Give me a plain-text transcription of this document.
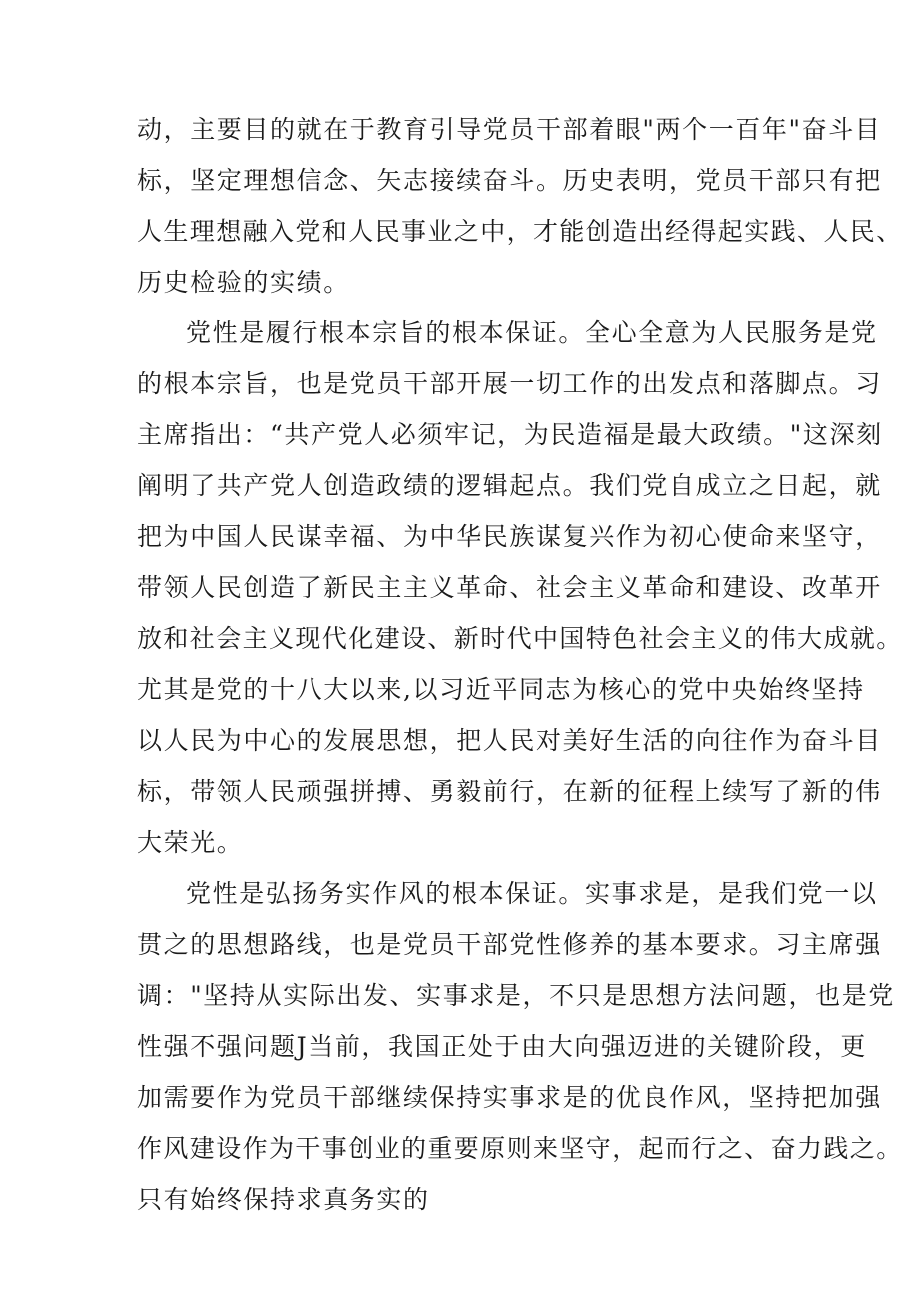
动，主要目的就在于教育引导党员干部着眼"两个一百年"奋斗目
标，坚定理想信念、矢志接续奋斗。历史表明，党员干部只有把
人生理想融入党和人民事业之中，才能创造出经得起实践、人民、
历史检验的实绩。
党性是履行根本宗旨的根本保证。全心全意为人民服务是党
的根本宗旨，也是党员干部开展一切工作的出发点和落脚点。习
主席指出：“共产党人必须牢记，为民造福是最大政绩。"这深刻
阐明了共产党人创造政绩的逻辑起点。我们党自成立之日起，就
把为中国人民谋幸福、为中华民族谋复兴作为初心使命来坚守，
带领人民创造了新民主主义革命、社会主义革命和建设、改革开
放和社会主义现代化建设、新时代中国特色社会主义的伟大成就。
尤其是党的十八大以来,以习近平同志为核心的党中央始终坚持
以人民为中心的发展思想，把人民对美好生活的向往作为奋斗目
标，带领人民顽强拼搏、勇毅前行，在新的征程上续写了新的伟
大荣光。
党性是弘扬务实作风的根本保证。实事求是，是我们党一以
贯之的思想路线，也是党员干部党性修养的基本要求。习主席强
调："坚持从实际出发、实事求是，不只是思想方法问题，也是党
性强不强问题J当前，我国正处于由大向强迈进的关键阶段，更
加需要作为党员干部继续保持实事求是的优良作风，坚持把加强
作风建设作为干事创业的重要原则来坚守，起而行之、奋力践之。
只有始终保持求真务实的
